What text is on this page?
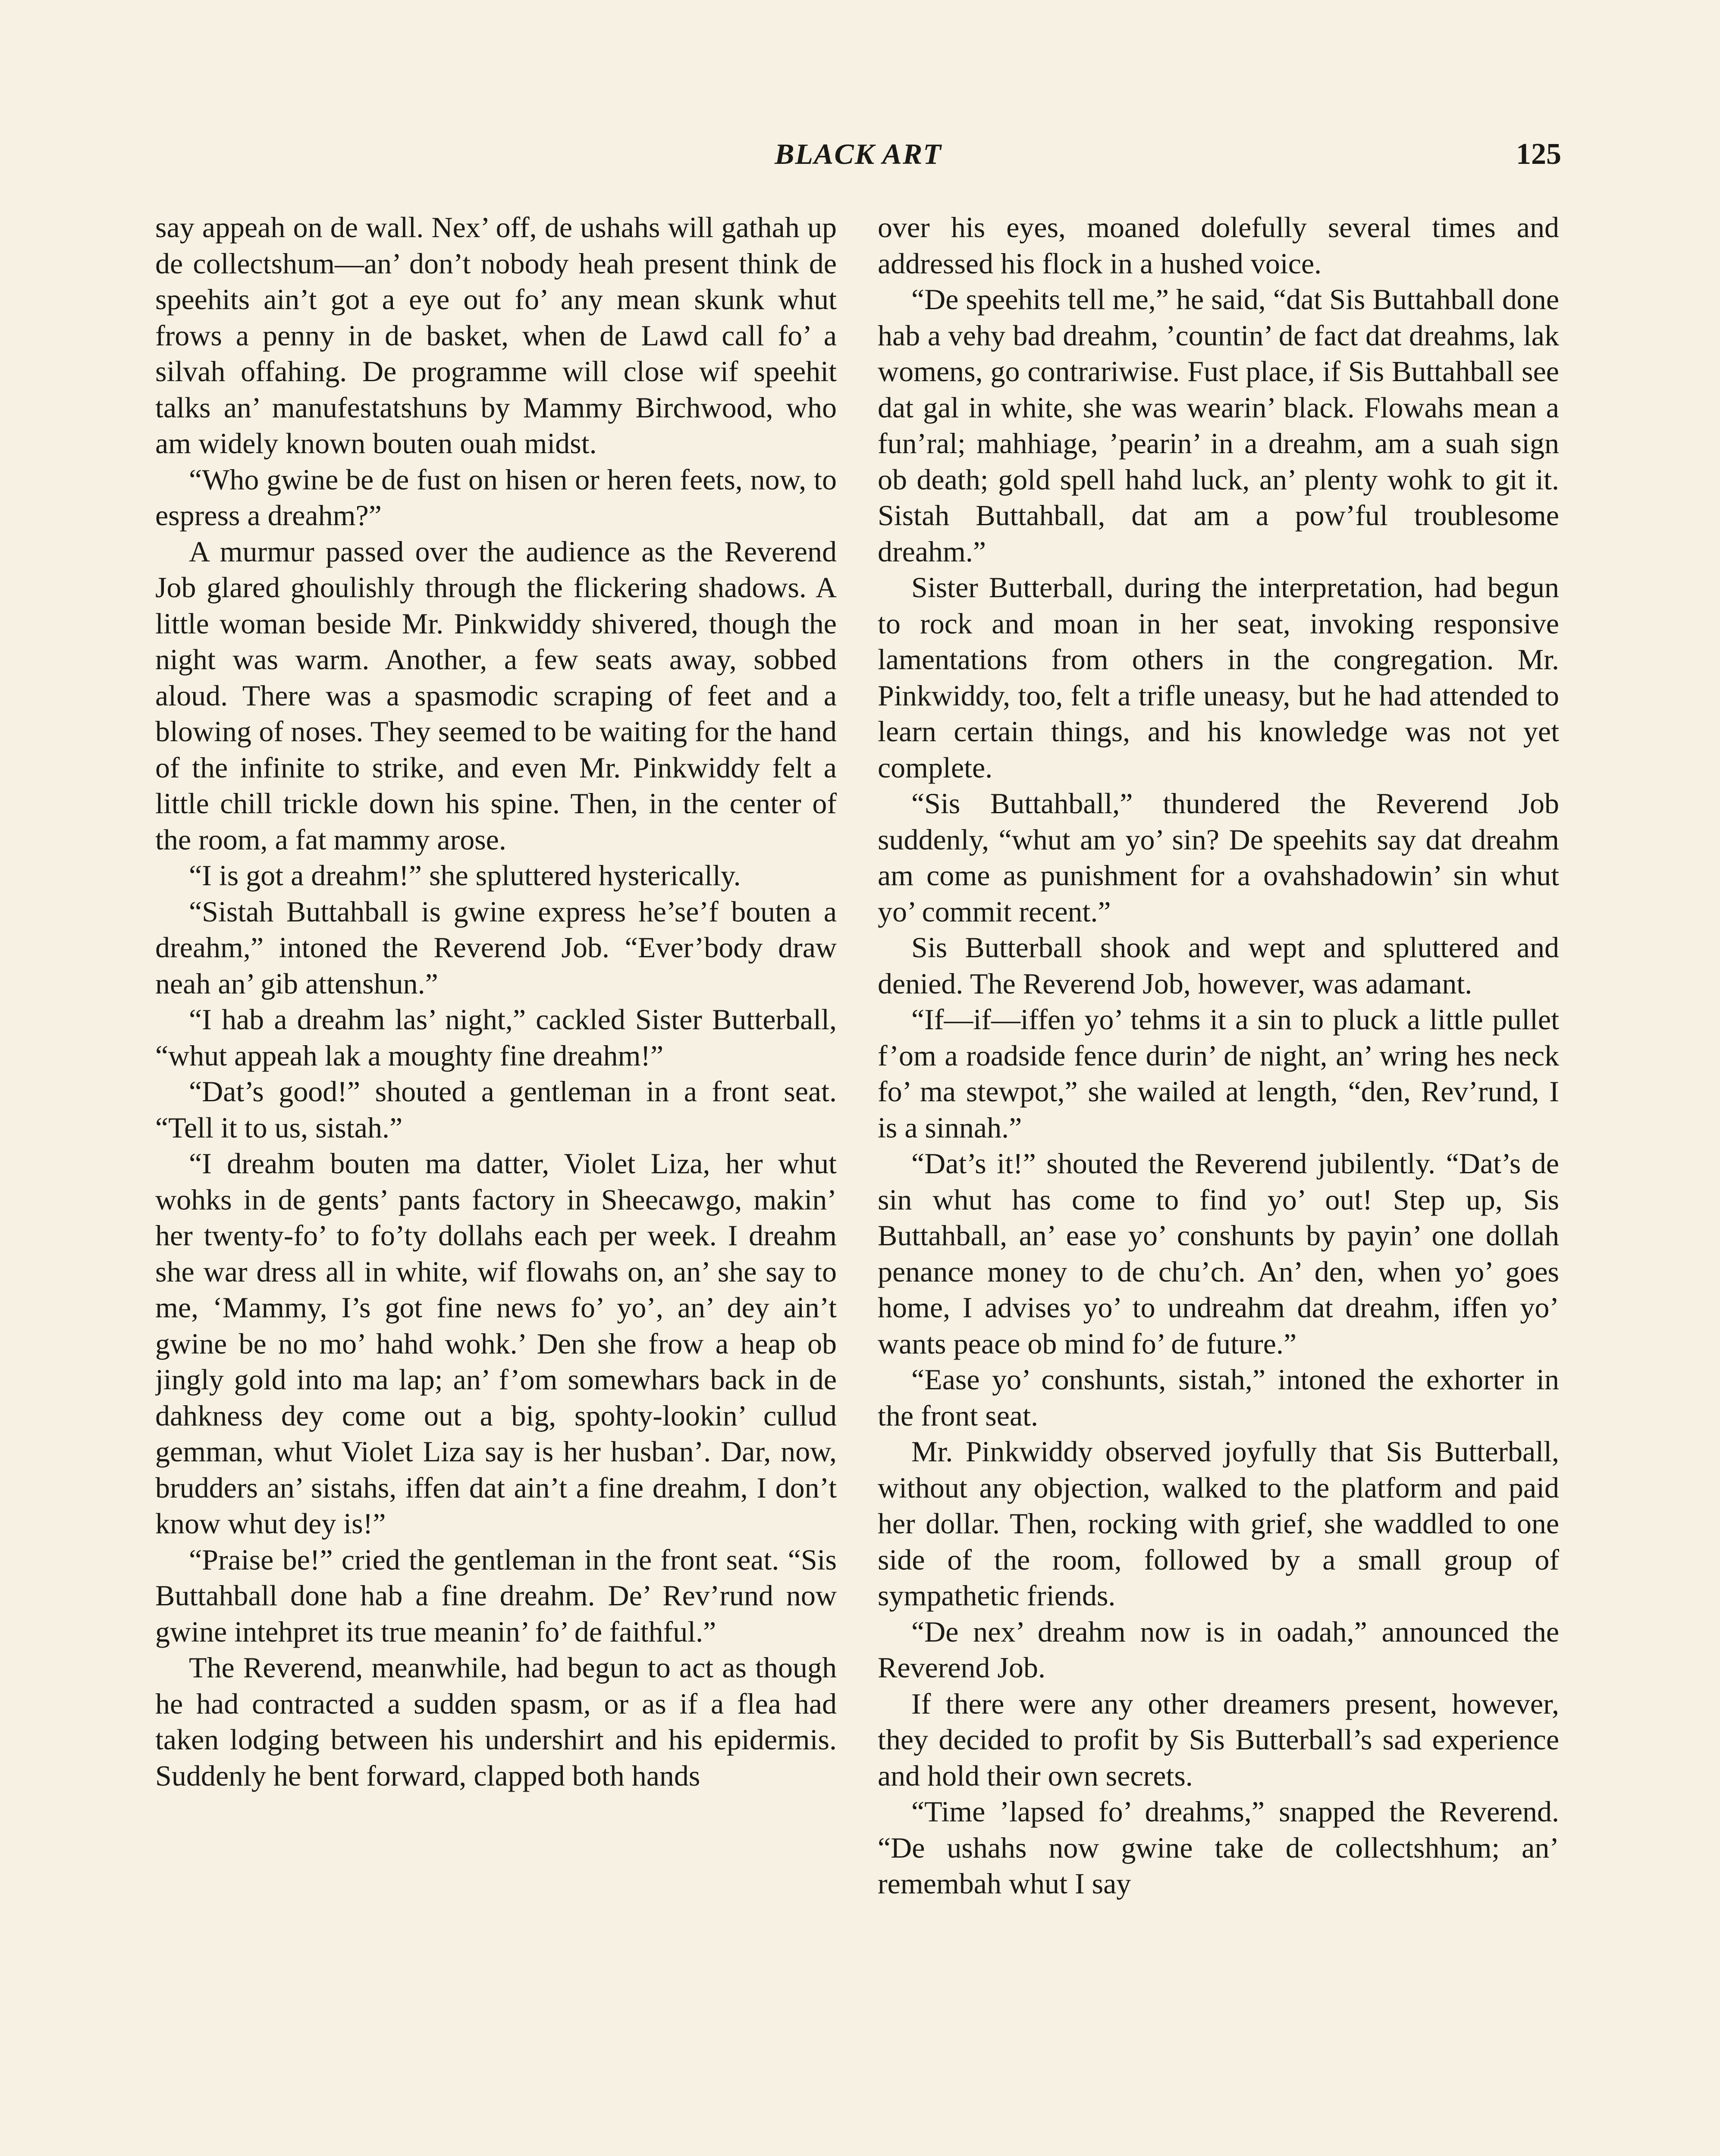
BLACK ART	125

say appeah on de wall. Nex’ off, de ushahs will gathah up de collectshum—an’ don’t nobody heah present think de speehits ain’t got a eye out fo’ any mean skunk whut frows a penny in de basket, when de Lawd call fo’ a silvah offahing. De programme will close wif speehit talks an’ manufestatshuns by Mammy Birchwood, who am widely known bouten ouah midst.

“Who gwine be de fust on hisen or heren feets, now, to espress a dreahm?”

A murmur passed over the audience as the Reverend Job glared ghoulishly through the flickering shadows. A little woman beside Mr. Pinkwiddy shivered, though the night was warm. Another, a few seats away, sobbed aloud. There was a spasmodic scraping of feet and a blowing of noses. They seemed to be waiting for the hand of the infinite to strike, and even Mr. Pinkwiddy felt a little chill trickle down his spine. Then, in the center of the room, a fat mammy arose.

“I is got a dreahm!” she spluttered hysterically.

“Sistah Buttahball is gwine express he’se’f bouten a dreahm,” intoned the Reverend Job. “Ever’body draw neah an’ gib attenshun.”

“I hab a dreahm las’ night,” cackled Sister Butterball, “whut appeah lak a moughty fine dreahm!”

“Dat’s good!” shouted a gentleman in a front seat. “Tell it to us, sistah.”

“I dreahm bouten ma datter, Violet Liza, her whut wohks in de gents’ pants factory in Sheecawgo, makin’ her twenty-fo’ to fo’ty dollahs each per week. I dreahm she war dress all in white, wif flowahs on, an’ she say to me, ‘Mammy, I’s got fine news fo’ yo’, an’ dey ain’t gwine be no mo’ hahd wohk.’ Den she frow a heap ob jingly gold into ma lap; an’ f’om somewhars back in de dahkness dey come out a big, spohty-lookin’ cullud gemman, whut Violet Liza say is her husban’. Dar, now, brudders an’ sistahs, iffen dat ain’t a fine dreahm, I don’t know whut dey is!”

“Praise be!” cried the gentleman in the front seat. “Sis Buttahball done hab a fine dreahm. De’ Rev’rund now gwine intehpret its true meanin’ fo’ de faithful.”

The Reverend, meanwhile, had begun to act as though he had contracted a sudden spasm, or as if a flea had taken lodging between his undershirt and his epidermis. Suddenly he bent forward, clapped both hands

over his eyes, moaned dolefully several times and addressed his flock in a hushed voice.

“De speehits tell me,” he said, “dat Sis Buttahball done hab a vehy bad dreahm, ’countin’ de fact dat dreahms, lak womens, go contrariwise. Fust place, if Sis Buttahball see dat gal in white, she was wearin’ black. Flowahs mean a fun’ral; mahhiage, ’pearin’ in a dreahm, am a suah sign ob death; gold spell hahd luck, an’ plenty wohk to git it. Sistah Buttahball, dat am a pow’ful troublesome dreahm.”

Sister Butterball, during the interpretation, had begun to rock and moan in her seat, invoking responsive lamentations from others in the congregation. Mr. Pinkwiddy, too, felt a trifle uneasy, but he had attended to learn certain things, and his knowledge was not yet complete.

“Sis Buttahball,” thundered the Reverend Job suddenly, “whut am yo’ sin? De speehits say dat dreahm am come as punishment for a ovahshadowin’ sin whut yo’ commit recent.”

Sis Butterball shook and wept and spluttered and denied. The Reverend Job, however, was adamant.

“If—if—iffen yo’ tehms it a sin to pluck a little pullet f’om a roadside fence durin’ de night, an’ wring hes neck fo’ ma stewpot,” she wailed at length, “den, Rev’rund, I is a sinnah.”

“Dat’s it!” shouted the Reverend jubilently. “Dat’s de sin whut has come to find yo’ out! Step up, Sis Buttahball, an’ ease yo’ conshunts by payin’ one dollah penance money to de chu’ch. An’ den, when yo’ goes home, I advises yo’ to undreahm dat dreahm, iffen yo’ wants peace ob mind fo’ de future.”

“Ease yo’ conshunts, sistah,” intoned the exhorter in the front seat.

Mr. Pinkwiddy observed joyfully that Sis Butterball, without any objection, walked to the platform and paid her dollar. Then, rocking with grief, she waddled to one side of the room, followed by a small group of sympathetic friends.

“De nex’ dreahm now is in oadah,” announced the Reverend Job.

If there were any other dreamers present, however, they decided to profit by Sis Butterball’s sad experience and hold their own secrets.

“Time ’lapsed fo’ dreahms,” snapped the Reverend. “De ushahs now gwine take de collectshhum; an’ remembah whut I say
